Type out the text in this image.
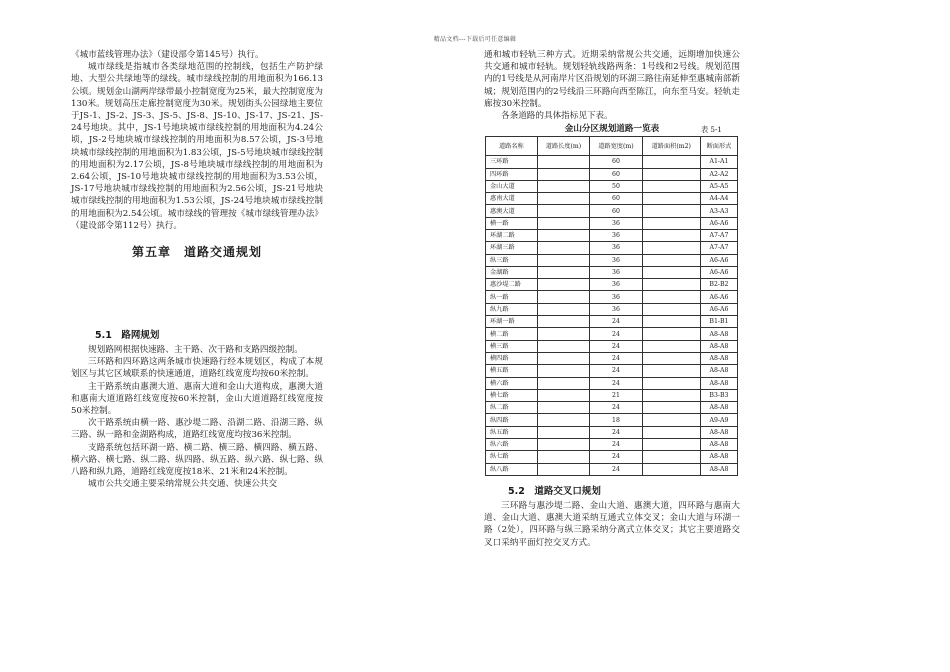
精品文档---下载后可任意编辑

《城市蓝线管理办法》（建设部令第145号）执行。

城市绿线是指城市各类绿地范围的控制线，包括生产防护绿地、大型公共绿地等的绿线。城市绿线控制的用地面积为166.13公顷。规划金山湖两岸绿带最小控制宽度为25米，最大控制宽度为130米。规划高压走廊控制宽度为30米。规划街头公园绿地主要位于JS-1、JS-2、JS-3、JS-5、JS-8、JS-10、JS-17、JS-21、JS-24号地块。其中，JS-1号地块城市绿线控制的用地面积为4.24公顷，JS-2号地块城市绿线控制的用地面积为8.57公顷，JS-3号地块城市绿线控制的用地面积为1.83公顷，JS-5号地块城市绿线控制的用地面积为2.17公顷，JS-8号地块城市绿线控制的用地面积为2.64公顷，JS-10号地块城市绿线控制的用地面积为3.53公顷，JS-17号地块城市绿线控制的用地面积为2.56公顷，JS-21号地块城市绿线控制的用地面积为1.53公顷，JS-24号地块城市绿线控制的用地面积为2.54公顷。城市绿线的管理按《城市绿线管理办法》（建设部令第112号）执行。

第五章　道路交通规划
5.1　路网规划

规划路网根据快速路、主干路、次干路和支路四级控制。

三环路和四环路这两条城市快速路行经本规划区，构成了本规划区与其它区域联系的快速通道，道路红线宽度均按60米控制。

主干路系统由惠澳大道、惠南大道和金山大道构成，惠澳大道和惠南大道道路红线宽度按60米控制，金山大道道路红线宽度按50米控制。

次干路系统由横一路、惠沙堤二路、沿湖二路、沿湖三路、纵三路、纵一路和金湖路构成，道路红线宽度均按36米控制。

支路系统包括环湖一路、横二路、横三路、横四路、横五路、横六路、横七路、纵二路、纵四路、纵五路、纵六路、纵七路、纵八路和纵九路，道路红线宽度按18米、21米和24米控制。

城市公共交通主要采纳常规公共交通、快速公共交

通和城市轻轨三种方式。近期采纳常规公共交通，远期增加快速公共交通和城市轻轨。规划轻轨线路两条：1号线和2号线。规划范围内的1号线是从河南岸片区沿规划的环湖三路往南延伸至惠城南部新城；规划范围内的2号线沿三环路向西至陈江，向东至马安。轻轨走廊按30米控制。

各条道路的具体指标见下表。

金山分区规划道路一览表	表 5-1
道路名称	道路长度(m)	道路宽度(m)	道路面积(m2)	断面形式
三环路		60		A1-A1
四环路		60		A2-A2
金山大道		50		A5-A5
惠南大道		60		A4-A4
惠澳大道		60		A3-A3
横一路		36		A6-A6
环湖二路		36		A7-A7
环湖三路		36		A7-A7
纵三路		36		A6-A6
金湖路		36		A6-A6
惠沙堤二路		36		B2-B2
纵一路		36		A6-A6
纵九路		36		A6-A6
环湖一路		24		B1-B1
横二路		24		A8-A8
横三路		24		A8-A8
横四路		24		A8-A8
横五路		24		A8-A8
横六路		24		A8-A8
横七路		21		B3-B3
纵二路		24		A8-A8
纵四路		18		A9-A9
纵五路		24		A8-A8
纵六路		24		A8-A8
纵七路		24		A8-A8
纵八路		24		A8-A8
5.2　道路交叉口规划

三环路与惠沙堤二路、金山大道、惠澳大道，四环路与惠南大道、金山大道、惠澳大道采纳互通式立体交叉；金山大道与环湖一路（2处），四环路与纵三路采纳分离式立体交叉；其它主要道路交叉口采纳平面灯控交叉方式。
